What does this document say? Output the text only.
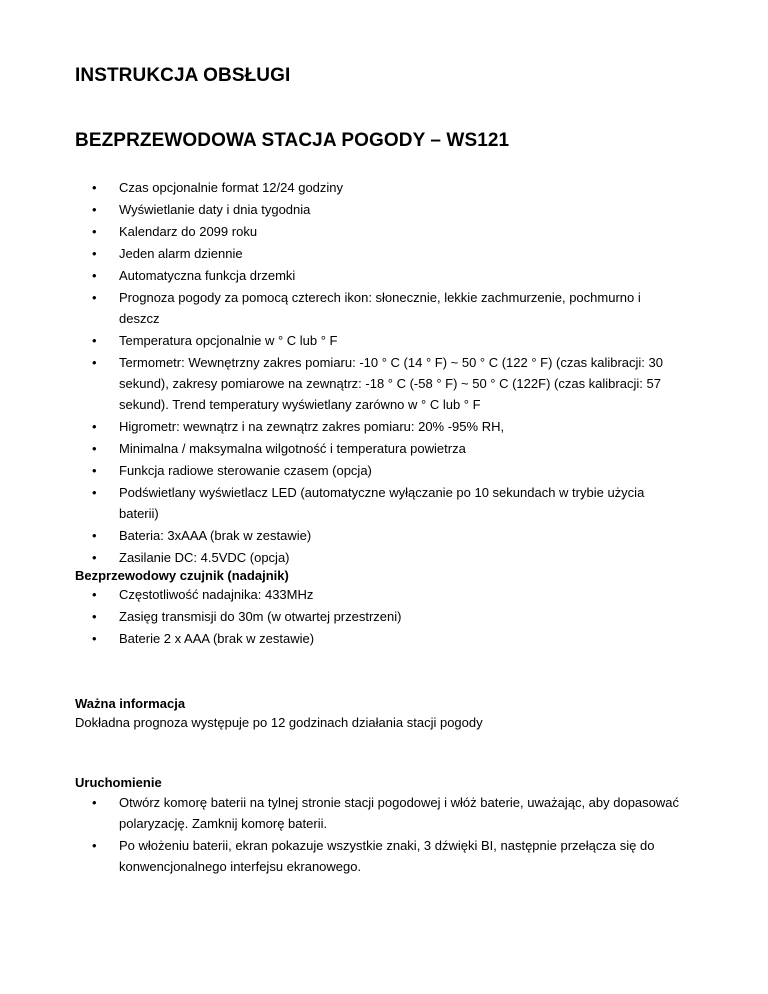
INSTRUKCJA OBSŁUGI
BEZPRZEWODOWA STACJA POGODY – WS121
• Czas opcjonalnie format 12/24 godziny
• Wyświetlanie daty i dnia tygodnia
• Kalendarz do 2099 roku
• Jeden alarm dziennie
• Automatyczna funkcja drzemki
• Prognoza pogody za pomocą czterech ikon: słonecznie, lekkie zachmurzenie, pochmurno i deszcz
• Temperatura opcjonalnie w ° C lub ° F
• Termometr: Wewnętrzny zakres pomiaru: -10 ° C (14 ° F) ~ 50 ° C (122 ° F) (czas kalibracji: 30 sekund), zakresy pomiarowe na zewnątrz: -18 ° C (-58 ° F) ~ 50 ° C (122F) (czas kalibracji: 57 sekund). Trend temperatury wyświetlany zarówno w ° C lub ° F
• Higrometr: wewnątrz i na zewnątrz zakres pomiaru: 20% -95% RH,
• Minimalna / maksymalna wilgotność i temperatura powietrza
• Funkcja radiowe sterowanie czasem (opcja)
• Podświetlany wyświetlacz LED (automatyczne wyłączanie po 10 sekundach w trybie użycia baterii)
• Bateria: 3xAAA (brak w zestawie)
• Zasilanie DC: 4.5VDC (opcja)

Bezprzewodowy czujnik (nadajnik)

• Częstotliwość nadajnika: 433MHz
• Zasięg transmisji do 30m (w otwartej przestrzeni)
• Baterie 2 x AAA (brak w zestawie)

Ważna informacja

Dokładna prognoza występuje po 12 godzinach działania stacji pogody

Uruchomienie

• Otwórz komorę baterii na tylnej stronie stacji pogodowej i włóż baterie, uważając, aby dopasować polaryzację. Zamknij komorę baterii.
• Po włożeniu baterii, ekran pokazuje wszystkie znaki, 3 dźwięki BI, następnie przełącza się do konwencjonalnego interfejsu ekranowego.
